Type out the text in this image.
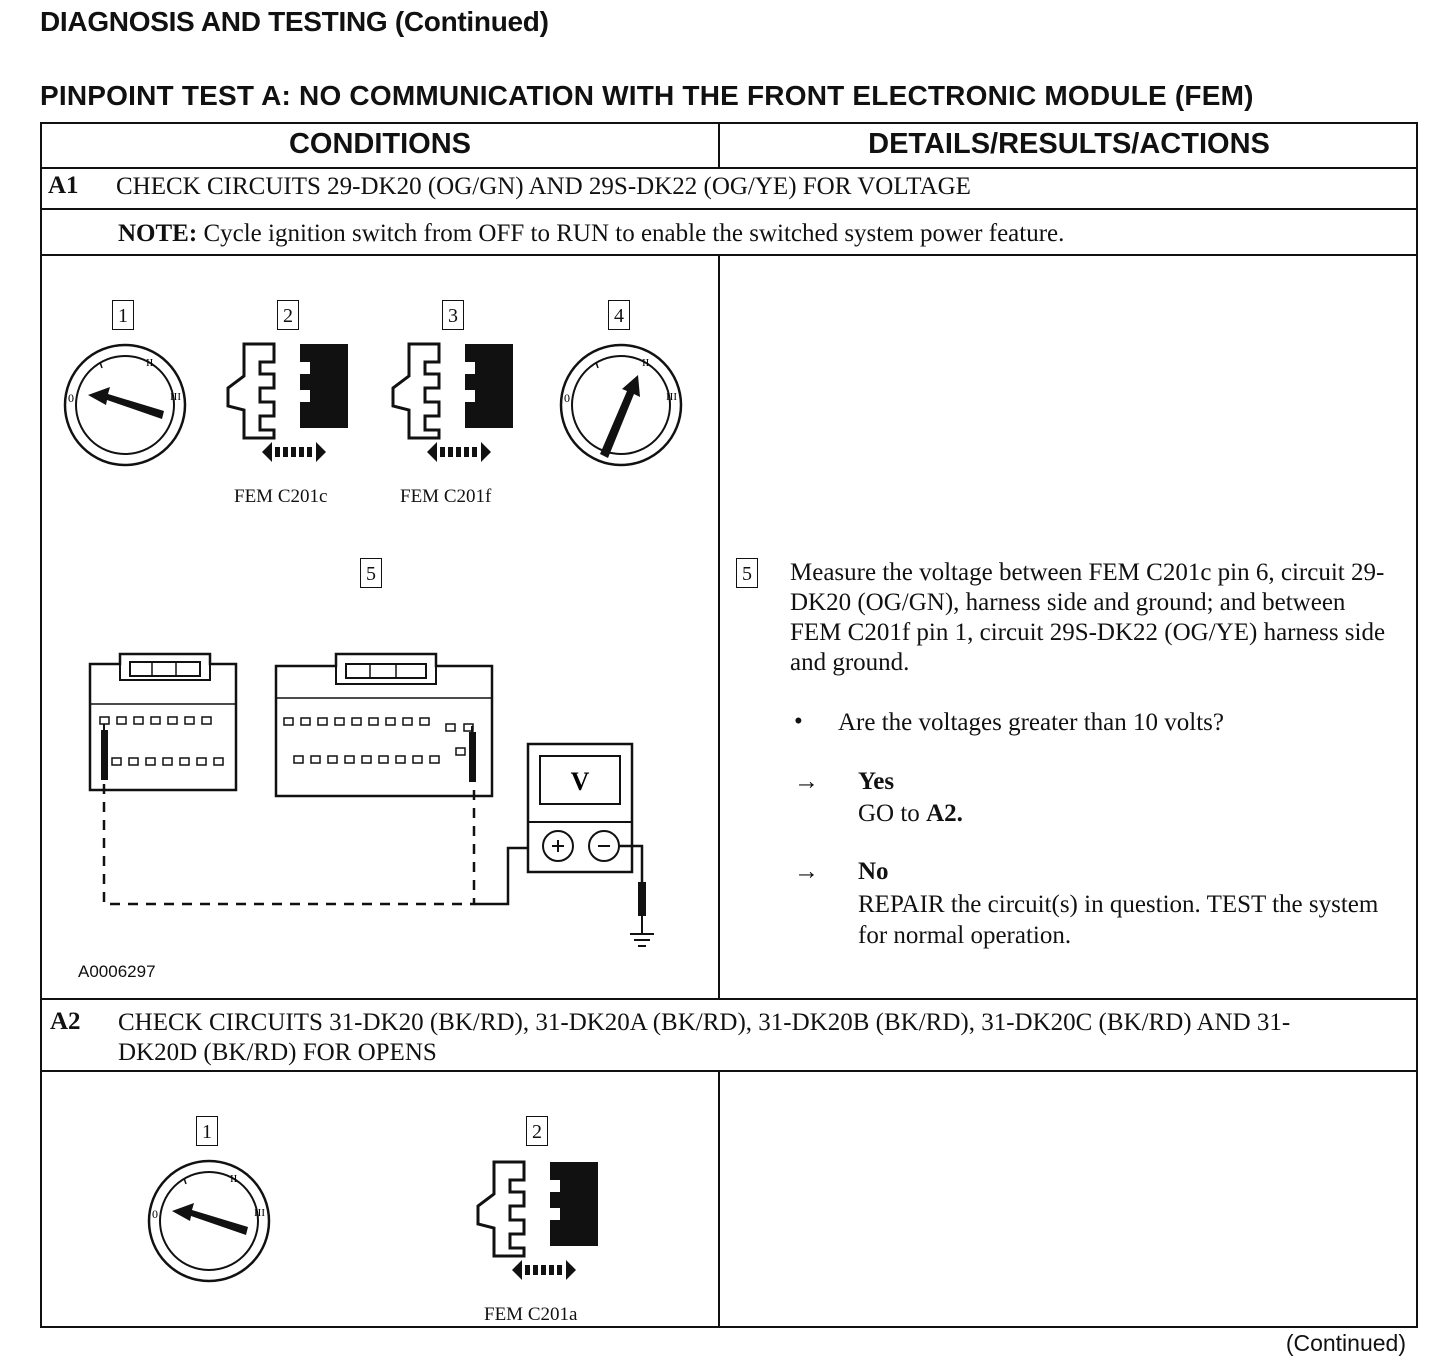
DIAGNOSIS AND TESTING (Continued)
PINPOINT TEST A: NO COMMUNICATION WITH THE FRONT ELECTRONIC MODULE (FEM)
CONDITIONS	DETAILS/RESULTS/ACTIONS
A1 CHECK CIRCUITS 29-DK20 (OG/GN) AND 29S-DK22 (OG/YE) FOR VOLTAGE
NOTE: Cycle ignition switch from OFF to RUN to enable the switched system power feature.
1	2	3	4
5
0
II
III
FEM C201c	FEM C201f
0
II
III
V
A0006297
5 Measure the voltage between FEM C201c pin 6, circuit 29-DK20 (OG/GN), harness side and ground; and between FEM C201f pin 1, circuit 29S-DK22 (OG/YE) harness side and ground.
• Are the voltages greater than 10 volts?
→ Yes
GO to A2.
→ No
REPAIR the circuit(s) in question. TEST the system for normal operation.
A2 CHECK CIRCUITS 31-DK20 (BK/RD), 31-DK20A (BK/RD), 31-DK20B (BK/RD), 31-DK20C (BK/RD) AND 31-DK20D (BK/RD) FOR OPENS
1	2
0
II
III
FEM C201a
(Continued)
